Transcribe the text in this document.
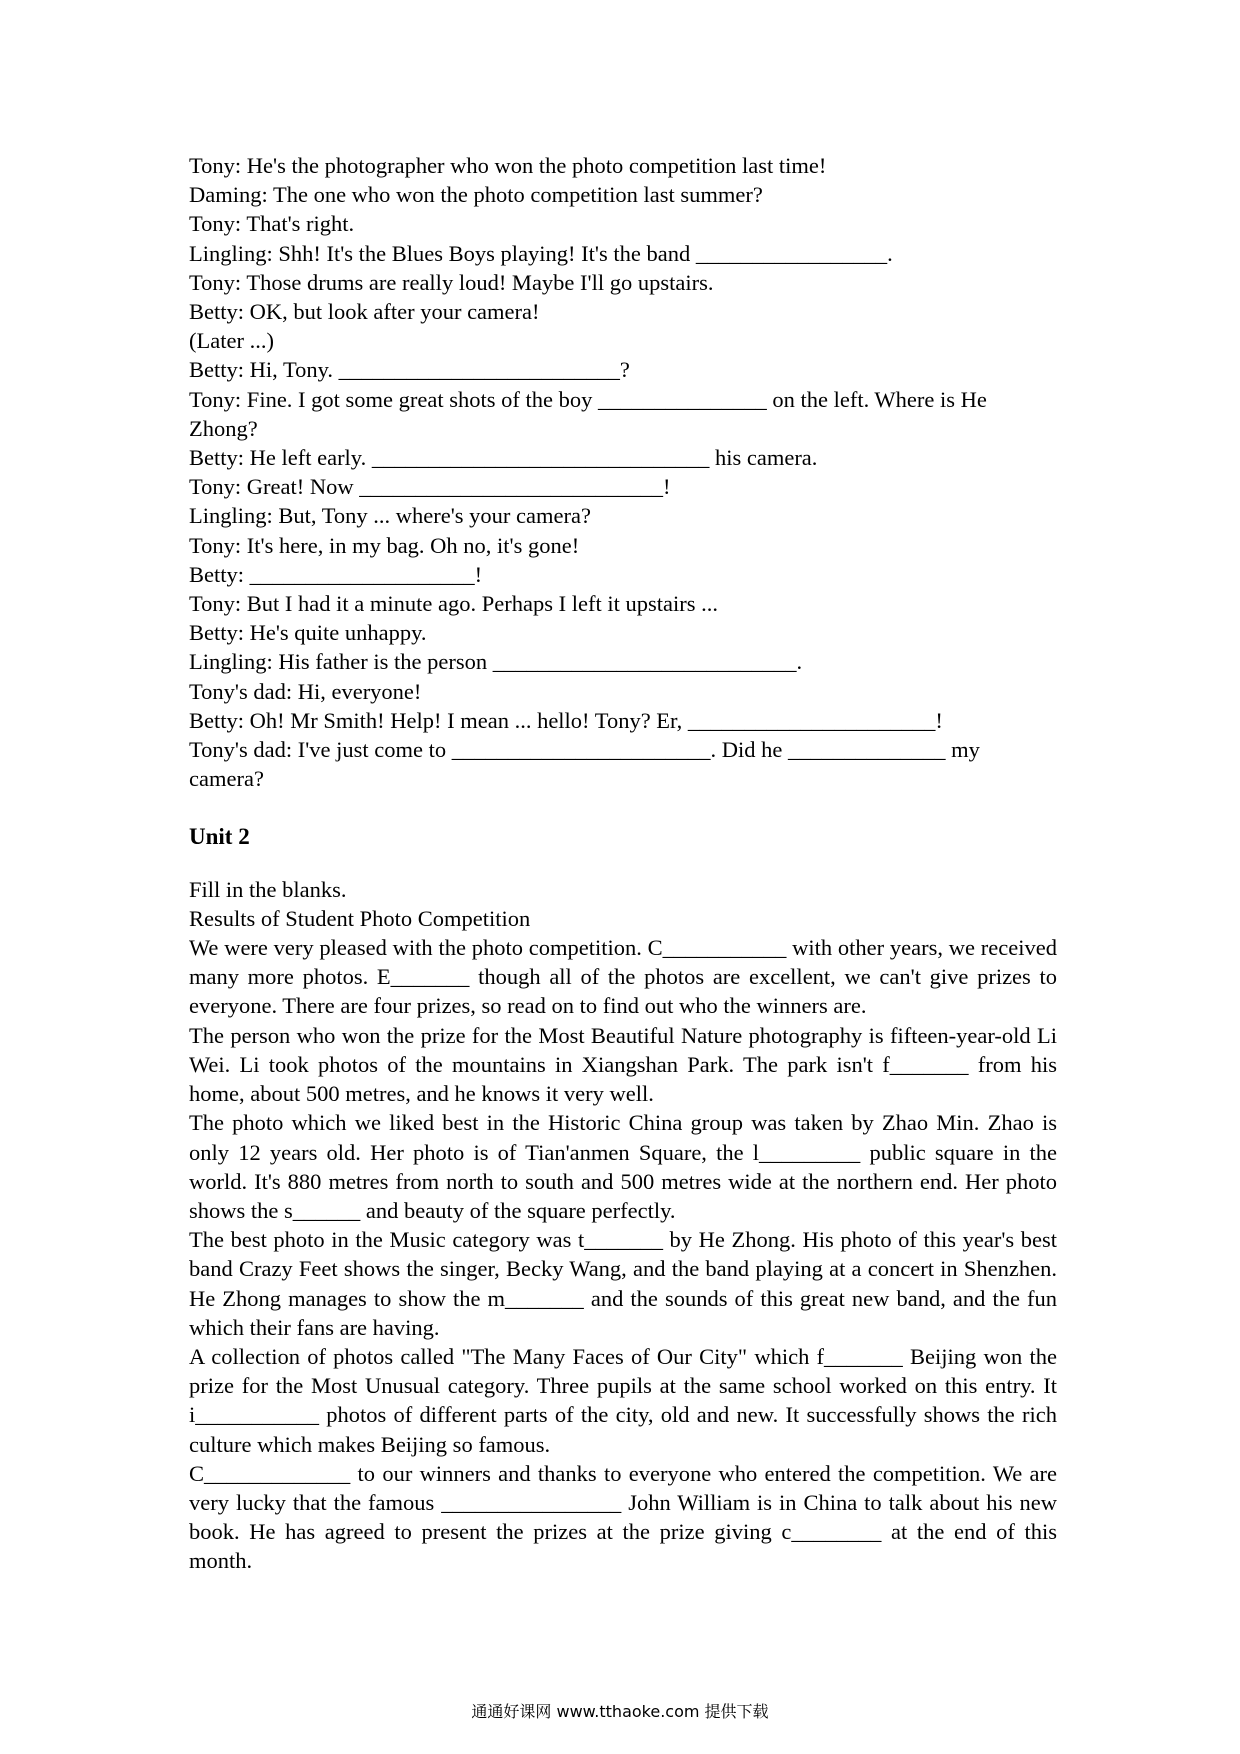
Tony: He's the photographer who won the photo competition last time!

Daming: The one who won the photo competition last summer?

Tony: That's right.

Lingling: Shh! It's the Blues Boys playing! It's the band _________________.

Tony: Those drums are really loud! Maybe I'll go upstairs.

Betty: OK, but look after your camera!

(Later ...)

Betty: Hi, Tony. _________________________?

Tony: Fine. I got some great shots of the boy _______________ on the left. Where is He Zhong?

Betty: He left early. ______________________________ his camera.

Tony: Great! Now ___________________________!

Lingling: But, Tony ... where's your camera?

Tony: It's here, in my bag. Oh no, it's gone!

Betty: ____________________!

Tony: But I had it a minute ago. Perhaps I left it upstairs ...

Betty: He's quite unhappy.

Lingling: His father is the person ___________________________.

Tony's dad: Hi, everyone!

Betty: Oh! Mr Smith! Help! I mean ... hello! Tony? Er, ______________________!

Tony's dad: I've just come to _______________________. Did he ______________ my camera?

Unit 2

Fill in the blanks.

Results of Student Photo Competition

We were very pleased with the photo competition. C___________ with other years, we received many more photos. E_______ though all of the photos are excellent, we can't give prizes to everyone. There are four prizes, so read on to find out who the winners are.

The person who won the prize for the Most Beautiful Nature photography is fifteen-year-old Li Wei. Li took photos of the mountains in Xiangshan Park. The park isn't f_______ from his home, about 500 metres, and he knows it very well.

The photo which we liked best in the Historic China group was taken by Zhao Min. Zhao is only 12 years old. Her photo is of Tian'anmen Square, the l_________ public square in the world. It's 880 metres from north to south and 500 metres wide at the northern end. Her photo shows the s______ and beauty of the square perfectly.

The best photo in the Music category was t_______ by He Zhong. His photo of this year's best band Crazy Feet shows the singer, Becky Wang, and the band playing at a concert in Shenzhen. He Zhong manages to show the m_______ and the sounds of this great new band, and the fun which their fans are having.

A collection of photos called "The Many Faces of Our City" which f_______ Beijing won the prize for the Most Unusual category. Three pupils at the same school worked on this entry. It i___________ photos of different parts of the city, old and new. It successfully shows the rich culture which makes Beijing so famous.

C_____________ to our winners and thanks to everyone who entered the competition. We are very lucky that the famous ________________ John William is in China to talk about his new book. He has agreed to present the prizes at the prize giving c________ at the end of this month.

通通好课网 www.tthaoke.com 提供下载
